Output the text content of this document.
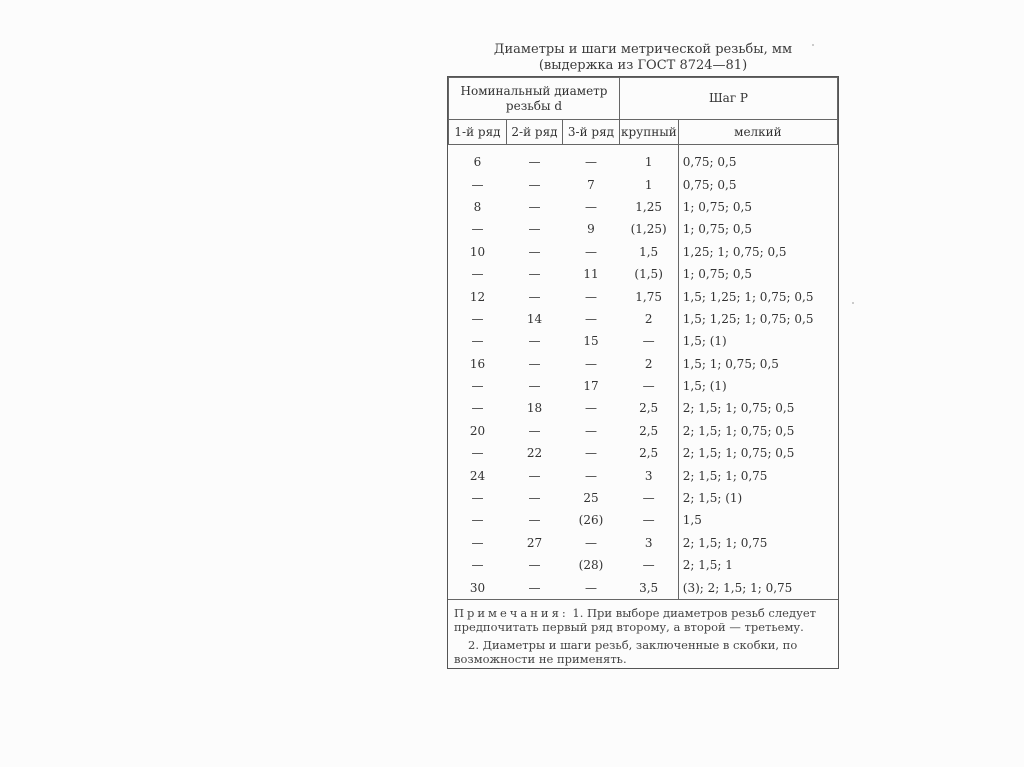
Диаметры и шаги метрической резьбы, мм
(выдержка из ГОСТ 8724—81)
Номинальный диаметр
резьбы d			Шаг P	
1-й ряд	2-й ряд	3-й ряд	крупный	мелкий
6	—	—	1	0,75; 0,5
—	—	7	1	0,75; 0,5
8	—	—	1,25	1; 0,75; 0,5
—	—	9	(1,25)	1; 0,75; 0,5
10	—	—	1,5	1,25; 1; 0,75; 0,5
—	—	11	(1,5)	1; 0,75; 0,5
12	—	—	1,75	1,5; 1,25; 1; 0,75; 0,5
—	14	—	2	1,5; 1,25; 1; 0,75; 0,5
—	—	15	—	1,5; (1)
16	—	—	2	1,5; 1; 0,75; 0,5
—	—	17	—	1,5; (1)
—	18	—	2,5	2; 1,5; 1; 0,75; 0,5
20	—	—	2,5	2; 1,5; 1; 0,75; 0,5
—	22	—	2,5	2; 1,5; 1; 0,75; 0,5
24	—	—	3	2; 1,5; 1; 0,75
—	—	25	—	2; 1,5; (1)
—	—	(26)	—	1,5
—	27	—	3	2; 1,5; 1; 0,75
—	—	(28)	—	2; 1,5; 1
30	—	—	3,5	(3); 2; 1,5; 1; 0,75

Примечания: 1. При выборе диаметров резьб следует предпочитать первый ряд второму, а второй — третьему.

2. Диаметры и шаги резьб, заключенные в скобки, по возможности не применять.
